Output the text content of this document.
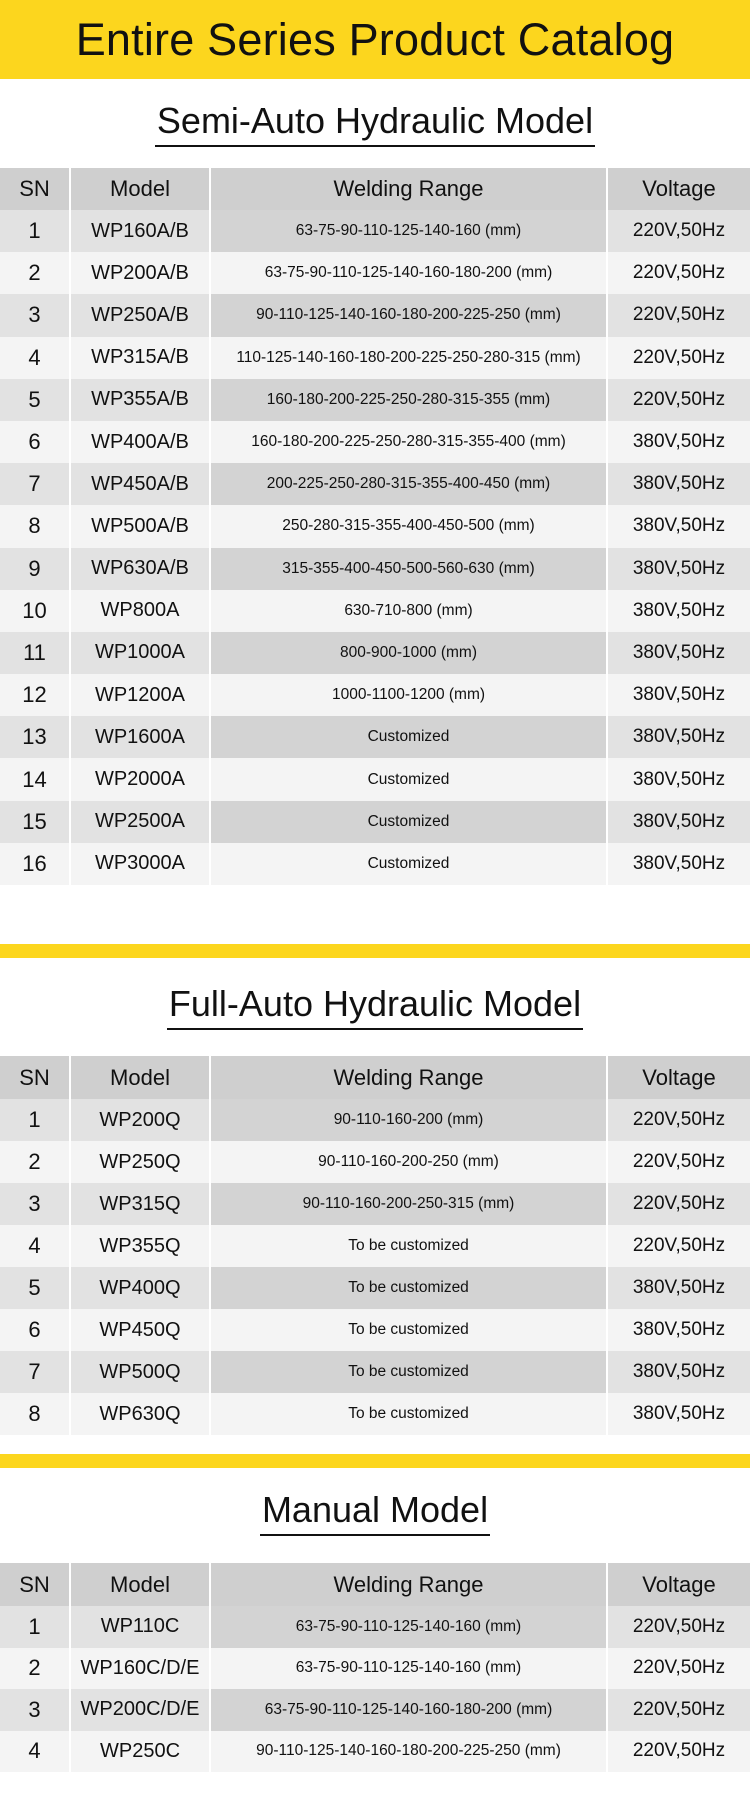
Entire Series Product Catalog
Semi-Auto Hydraulic Model
SN	Model	Welding Range	Voltage
1	WP160A/B	63-75-90-110-125-140-160 (mm)	220V,50Hz
2	WP200A/B	63-75-90-110-125-140-160-180-200 (mm)	220V,50Hz
3	WP250A/B	90-110-125-140-160-180-200-225-250 (mm)	220V,50Hz
4	WP315A/B	110-125-140-160-180-200-225-250-280-315 (mm)	220V,50Hz
5	WP355A/B	160-180-200-225-250-280-315-355 (mm)	220V,50Hz
6	WP400A/B	160-180-200-225-250-280-315-355-400 (mm)	380V,50Hz
7	WP450A/B	200-225-250-280-315-355-400-450 (mm)	380V,50Hz
8	WP500A/B	250-280-315-355-400-450-500 (mm)	380V,50Hz
9	WP630A/B	315-355-400-450-500-560-630 (mm)	380V,50Hz
10	WP800A	630-710-800 (mm)	380V,50Hz
11	WP1000A	800-900-1000 (mm)	380V,50Hz
12	WP1200A	1000-1100-1200 (mm)	380V,50Hz
13	WP1600A	Customized	380V,50Hz
14	WP2000A	Customized	380V,50Hz
15	WP2500A	Customized	380V,50Hz
16	WP3000A	Customized	380V,50Hz
Full-Auto Hydraulic Model
SN	Model	Welding Range	Voltage
1	WP200Q	90-110-160-200 (mm)	220V,50Hz
2	WP250Q	90-110-160-200-250 (mm)	220V,50Hz
3	WP315Q	90-110-160-200-250-315 (mm)	220V,50Hz
4	WP355Q	To be customized	220V,50Hz
5	WP400Q	To be customized	380V,50Hz
6	WP450Q	To be customized	380V,50Hz
7	WP500Q	To be customized	380V,50Hz
8	WP630Q	To be customized	380V,50Hz
Manual Model
SN	Model	Welding Range	Voltage
1	WP110C	63-75-90-110-125-140-160 (mm)	220V,50Hz
2	WP160C/D/E	63-75-90-110-125-140-160 (mm)	220V,50Hz
3	WP200C/D/E	63-75-90-110-125-140-160-180-200 (mm)	220V,50Hz
4	WP250C	90-110-125-140-160-180-200-225-250 (mm)	220V,50Hz
